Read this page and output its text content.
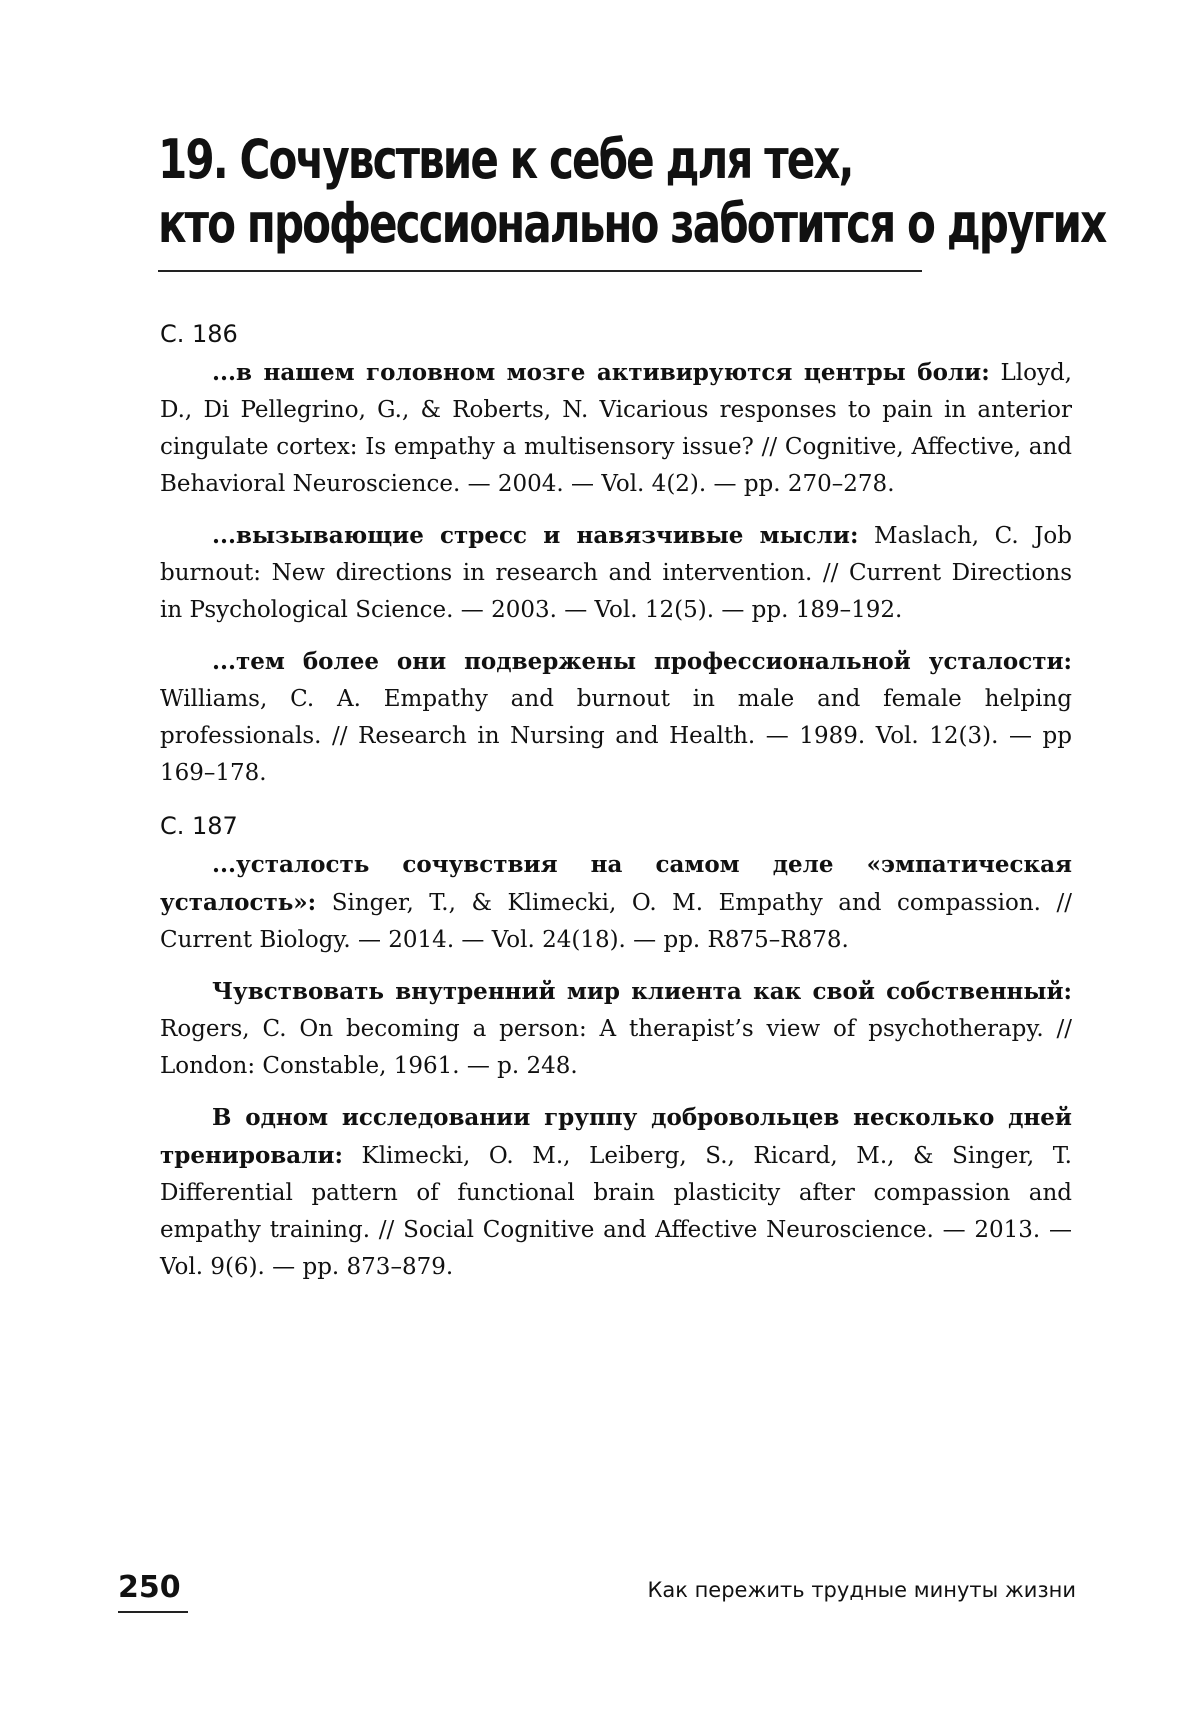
19. Сочувствие к себе для тех,
кто профессионально заботится о других
С. 186

...в нашем головном мозге активируются центры боли: Lloyd, D., Di Pellegrino, G., & Roberts, N. Vicarious responses to pain in anterior cingulate cortex: Is empathy a multisensory issue? // Cognitive, Affective, and Behavioral Neuroscience. — 2004. — Vol. 4(2). — pp. 270–278.

...вызывающие стресс и навязчивые мысли: Maslach, C. Job burnout: New directions in research and intervention. // Current Directions in Psychological Science. — 2003. — Vol. 12(5). — pp. 189–192.

...тем более они подвержены профессиональной усталости: Williams, C. A. Empathy and burnout in male and female helping professionals. // Research in Nursing and Health. — 1989. Vol. 12(3). — pp 169–178.

С. 187

...усталость сочувствия на самом деле «эмпатическая усталость»: Singer, T., & Klimecki, O. M. Empathy and compassion. // Current Biology. — 2014. — Vol. 24(18). — pp. R875–R878.

Чувствовать внутренний мир клиента как свой собственный: Rogers, C. On becoming a person: A therapist’s view of psychotherapy. // London: Constable, 1961. — p. 248.

В одном исследовании группу добровольцев несколько дней тренировали: Klimecki, O. M., Leiberg, S., Ricard, M., & Singer, T. Differential pattern of functional brain plasticity after compassion and empathy training. // Social Cognitive and Affective Neuroscience. — 2013. — Vol. 9(6). — pp. 873–879.

250	Как пережить трудные минуты жизни
